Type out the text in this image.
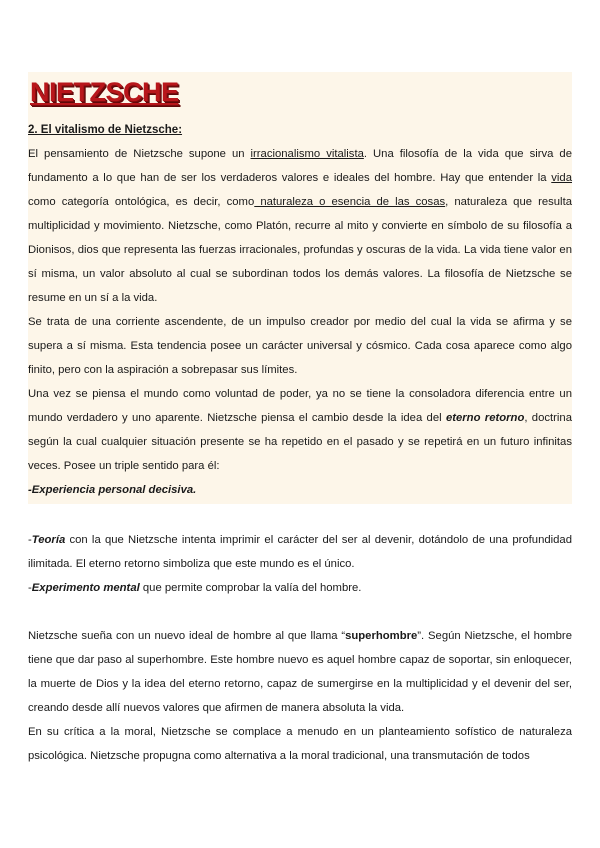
NIETZSCHE
2. El vitalismo de Nietzsche:

El pensamiento de Nietzsche supone un irracionalismo vitalista. Una filosofía de la vida que sirva de fundamento a lo que han de ser los verdaderos valores e ideales del hombre. Hay que entender la vida como categoría ontológica, es decir, como naturaleza o esencia de las cosas, naturaleza que resulta multiplicidad y movimiento. Nietzsche, como Platón, recurre al mito y convierte en símbolo de su filosofía a Dionisos, dios que representa las fuerzas irracionales, profundas y oscuras de la vida. La vida tiene valor en sí misma, un valor absoluto al cual se subordinan todos los demás valores. La filosofía de Nietzsche se resume en un sí a la vida.

Se trata de una corriente ascendente, de un impulso creador por medio del cual la vida se afirma y se supera a sí misma. Esta tendencia posee un carácter universal y cósmico. Cada cosa aparece como algo finito, pero con la aspiración a sobrepasar sus límites.

Una vez se piensa el mundo como voluntad de poder, ya no se tiene la consoladora diferencia entre un mundo verdadero y uno aparente. Nietzsche piensa el cambio desde la idea del eterno retorno, doctrina según la cual cualquier situación presente se ha repetido en el pasado y se repetirá en un futuro infinitas veces. Posee un triple sentido para él:

-Experiencia personal decisiva.

-Teoría con la que Nietzsche intenta imprimir el carácter del ser al devenir, dotándolo de una profundidad ilimitada. El eterno retorno simboliza que este mundo es el único.

-Experimento mental que permite comprobar la valía del hombre.

Nietzsche sueña con un nuevo ideal de hombre al que llama “superhombre”. Según Nietzsche, el hombre tiene que dar paso al superhombre. Este hombre nuevo es aquel hombre capaz de soportar, sin enloquecer, la muerte de Dios y la idea del eterno retorno, capaz de sumergirse en la multiplicidad y el devenir del ser, creando desde allí nuevos valores que afirmen de manera absoluta la vida.

En su crítica a la moral, Nietzsche se complace a menudo en un planteamiento sofístico de naturaleza psicológica. Nietzsche propugna como alternativa a la moral tradicional, una transmutación de todos
